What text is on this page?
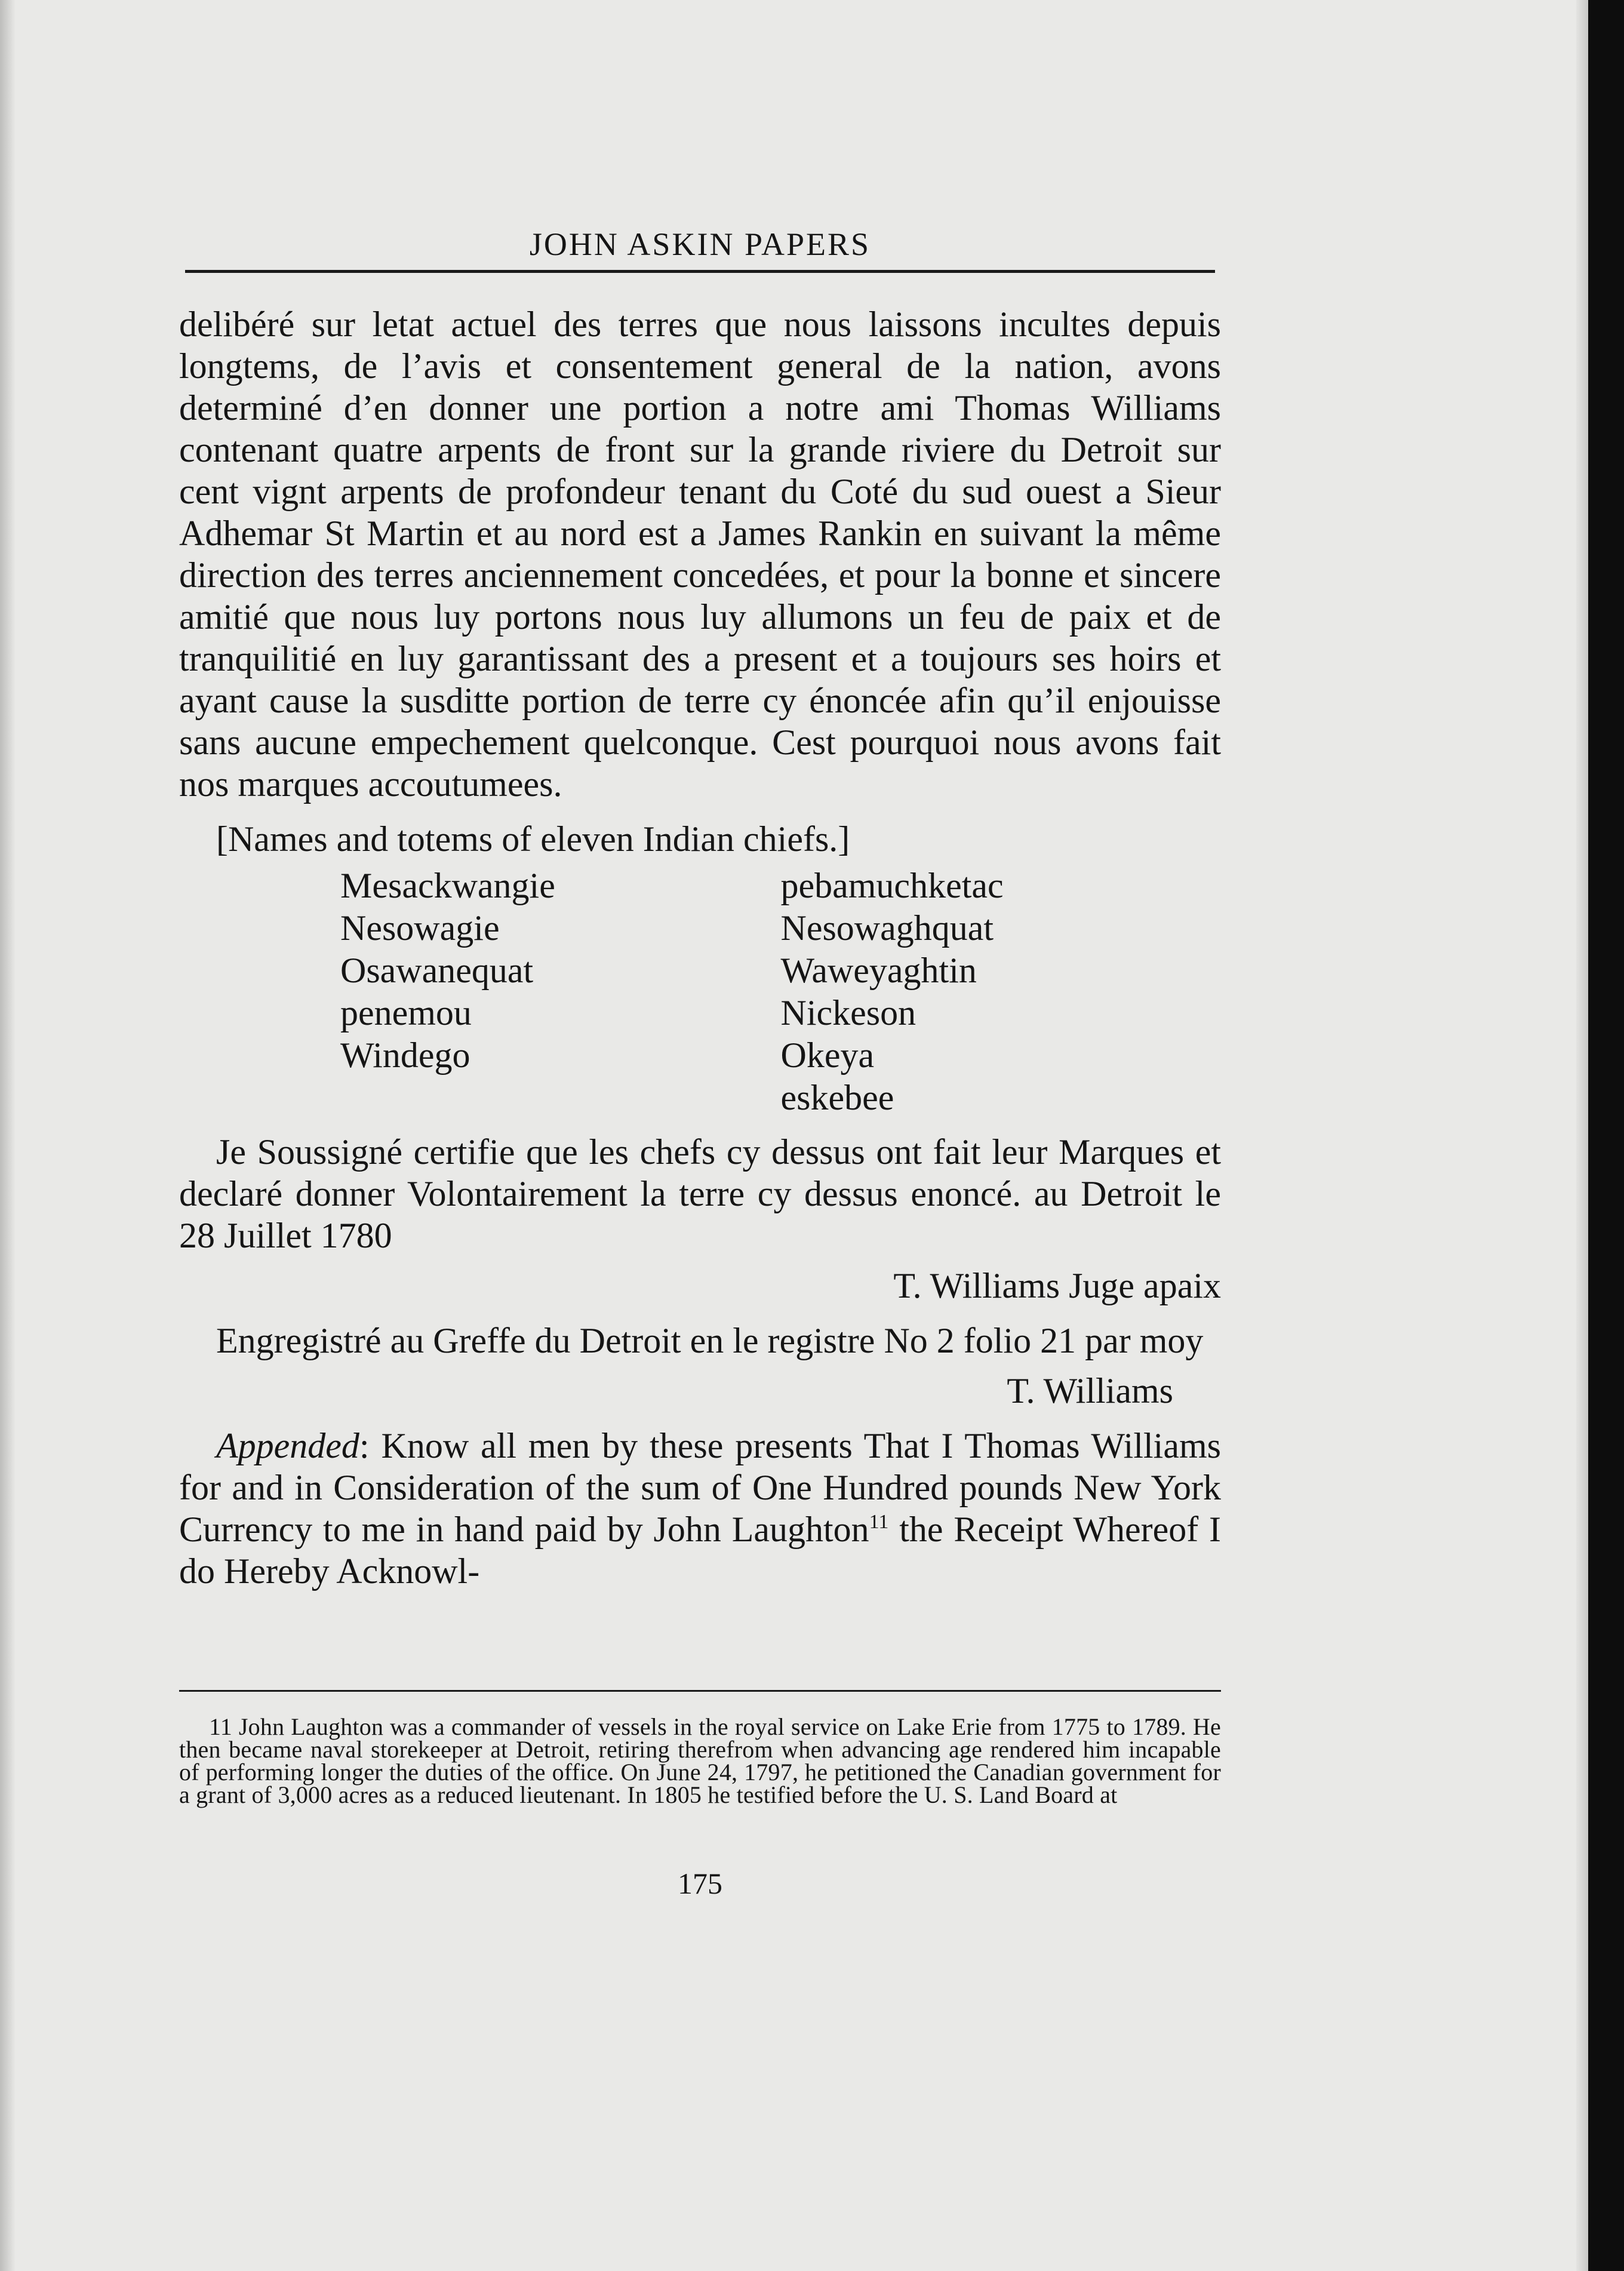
JOHN ASKIN PAPERS

delibéré sur letat actuel des terres que nous laissons incultes depuis longtems, de l’avis et consentement general de la nation, avons determiné d’en donner une portion a notre ami Thomas Williams contenant quatre arpents de front sur la grande riviere du Detroit sur cent vignt arpents de profondeur tenant du Coté du sud ouest a Sieur Adhemar St Martin et au nord est a James Rankin en suivant la même direction des terres anciennement concedées, et pour la bonne et sincere amitié que nous luy portons nous luy allumons un feu de paix et de tranquilitié en luy garantissant des a present et a toujours ses hoirs et ayant cause la susditte portion de terre cy énoncée afin qu’il enjouisse sans aucune empechement quelconque. Cest pourquoi nous avons fait nos marques accoutumees.

[Names and totems of eleven Indian chiefs.]

Mesackwangie
Nesowagie
Osawanequat
penemou
Windego
pebamuchketac
Nesowaghquat
Waweyaghtin
Nickeson
Okeya
eskebee

Je Soussigné certifie que les chefs cy dessus ont fait leur Marques et declaré donner Volontairement la terre cy dessus enoncé. au Detroit le 28 Juillet 1780

T. Williams Juge apaix

Engregistré au Greffe du Detroit en le registre No 2 folio 21 par moy

T. Williams

Appended: Know all men by these presents That I Thomas Williams for and in Consideration of the sum of One Hundred pounds New York Currency to me in hand paid by John Laughton$^{11}$ the Receipt Whereof I do Hereby Acknowl-

11 John Laughton was a commander of vessels in the royal service on Lake Erie from 1775 to 1789. He then became naval storekeeper at Detroit, retiring therefrom when advancing age rendered him incapable of performing longer the duties of the office. On June 24, 1797, he petitioned the Canadian government for a grant of 3,000 acres as a reduced lieutenant. In 1805 he testified before the U. S. Land Board at

175
